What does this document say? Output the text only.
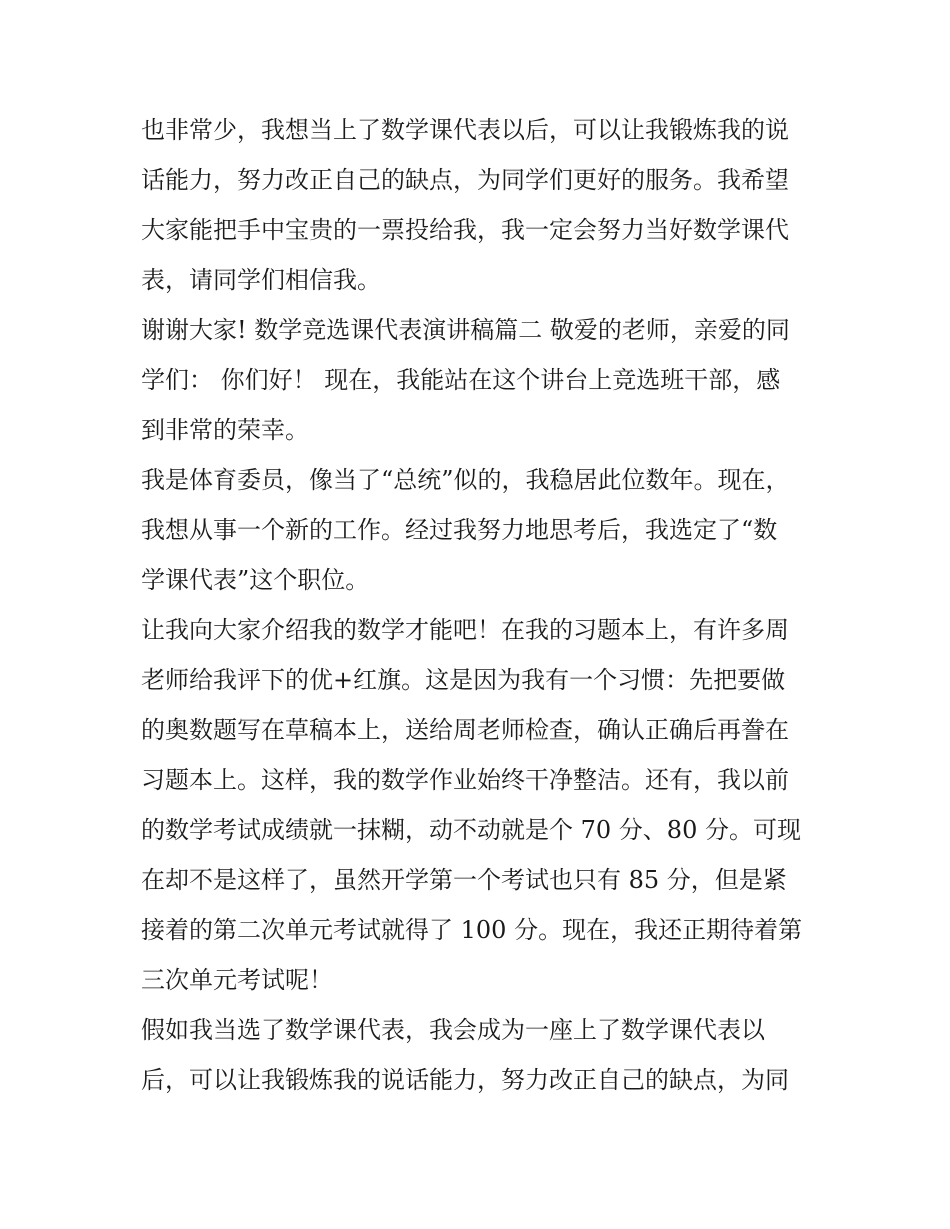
也非常少，我想当上了数学课代表以后，可以让我锻炼我的说
话能力，努力改正自己的缺点，为同学们更好的服务。我希望
大家能把手中宝贵的一票投给我，我一定会努力当好数学课代
表，请同学们相信我。
谢谢大家! 数学竞选课代表演讲稿篇二 敬爱的老师，亲爱的同
学们： 你们好！ 现在，我能站在这个讲台上竞选班干部，感
到非常的荣幸。
我是体育委员，像当了“总统”似的，我稳居此位数年。现在，
我想从事一个新的工作。经过我努力地思考后，我选定了“数
学课代表”这个职位。
让我向大家介绍我的数学才能吧！在我的习题本上，有许多周
老师给我评下的优+红旗。这是因为我有一个习惯：先把要做
的奥数题写在草稿本上，送给周老师检查，确认正确后再誊在
习题本上。这样，我的数学作业始终干净整洁。还有，我以前
的数学考试成绩就一抹糊，动不动就是个 70 分、80 分。可现
在却不是这样了，虽然开学第一个考试也只有 85 分，但是紧
接着的第二次单元考试就得了 100 分。现在，我还正期待着第
三次单元考试呢！
假如我当选了数学课代表，我会成为一座上了数学课代表以
后，可以让我锻炼我的说话能力，努力改正自己的缺点，为同
